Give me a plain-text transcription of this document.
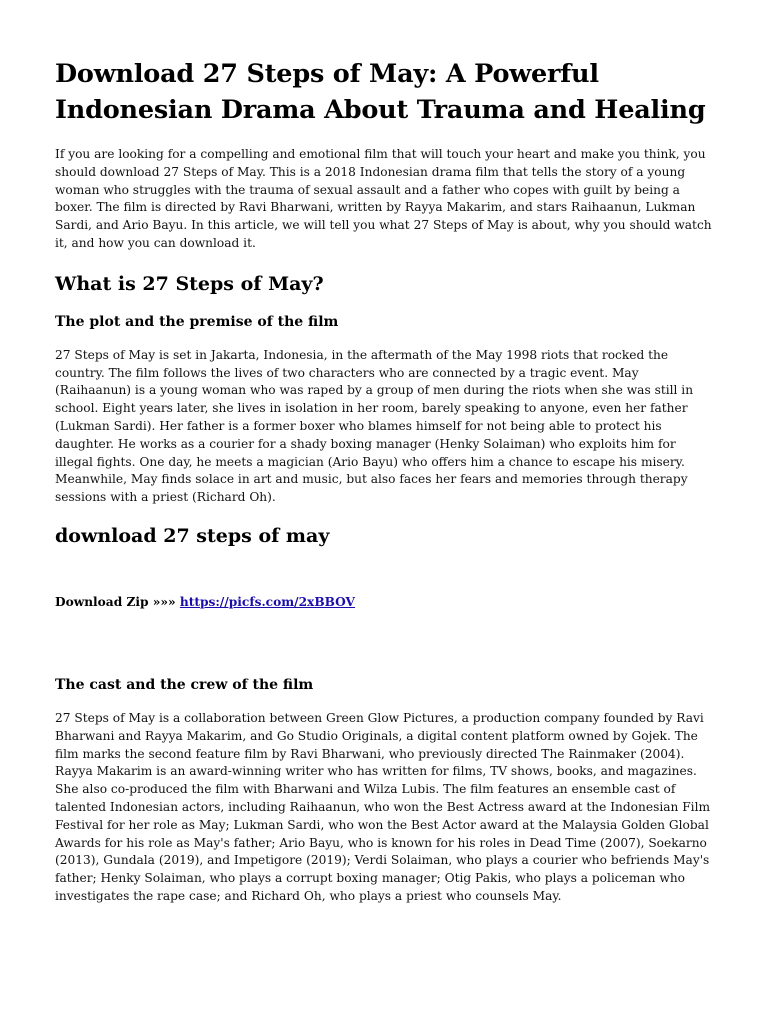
Download 27 Steps of May: A Powerful Indonesian Drama About Trauma and Healing

If you are looking for a compelling and emotional film that will touch your heart and make you think, you should download 27 Steps of May. This is a 2018 Indonesian drama film that tells the story of a young woman who struggles with the trauma of sexual assault and a father who copes with guilt by being a boxer. The film is directed by Ravi Bharwani, written by Rayya Makarim, and stars Raihaanun, Lukman Sardi, and Ario Bayu. In this article, we will tell you what 27 Steps of May is about, why you should watch it, and how you can download it.

What is 27 Steps of May?
The plot and the premise of the film

27 Steps of May is set in Jakarta, Indonesia, in the aftermath of the May 1998 riots that rocked the country. The film follows the lives of two characters who are connected by a tragic event. May (Raihaanun) is a young woman who was raped by a group of men during the riots when she was still in school. Eight years later, she lives in isolation in her room, barely speaking to anyone, even her father (Lukman Sardi). Her father is a former boxer who blames himself for not being able to protect his daughter. He works as a courier for a shady boxing manager (Henky Solaiman) who exploits him for illegal fights. One day, he meets a magician (Ario Bayu) who offers him a chance to escape his misery. Meanwhile, May finds solace in art and music, but also faces her fears and memories through therapy sessions with a priest (Richard Oh).

download 27 steps of may
Download Zip »»» https://picfs.com/2xBBOV
The cast and the crew of the film

27 Steps of May is a collaboration between Green Glow Pictures, a production company founded by Ravi Bharwani and Rayya Makarim, and Go Studio Originals, a digital content platform owned by Gojek. The film marks the second feature film by Ravi Bharwani, who previously directed The Rainmaker (2004). Rayya Makarim is an award-winning writer who has written for films, TV shows, books, and magazines. She also co-produced the film with Bharwani and Wilza Lubis. The film features an ensemble cast of talented Indonesian actors, including Raihaanun, who won the Best Actress award at the Indonesian Film Festival for her role as May; Lukman Sardi, who won the Best Actor award at the Malaysia Golden Global Awards for his role as May's father; Ario Bayu, who is known for his roles in Dead Time (2007), Soekarno (2013), Gundala (2019), and Impetigore (2019); Verdi Solaiman, who plays a courier who befriends May's father; Henky Solaiman, who plays a corrupt boxing manager; Otig Pakis, who plays a policeman who investigates the rape case; and Richard Oh, who plays a priest who counsels May.
